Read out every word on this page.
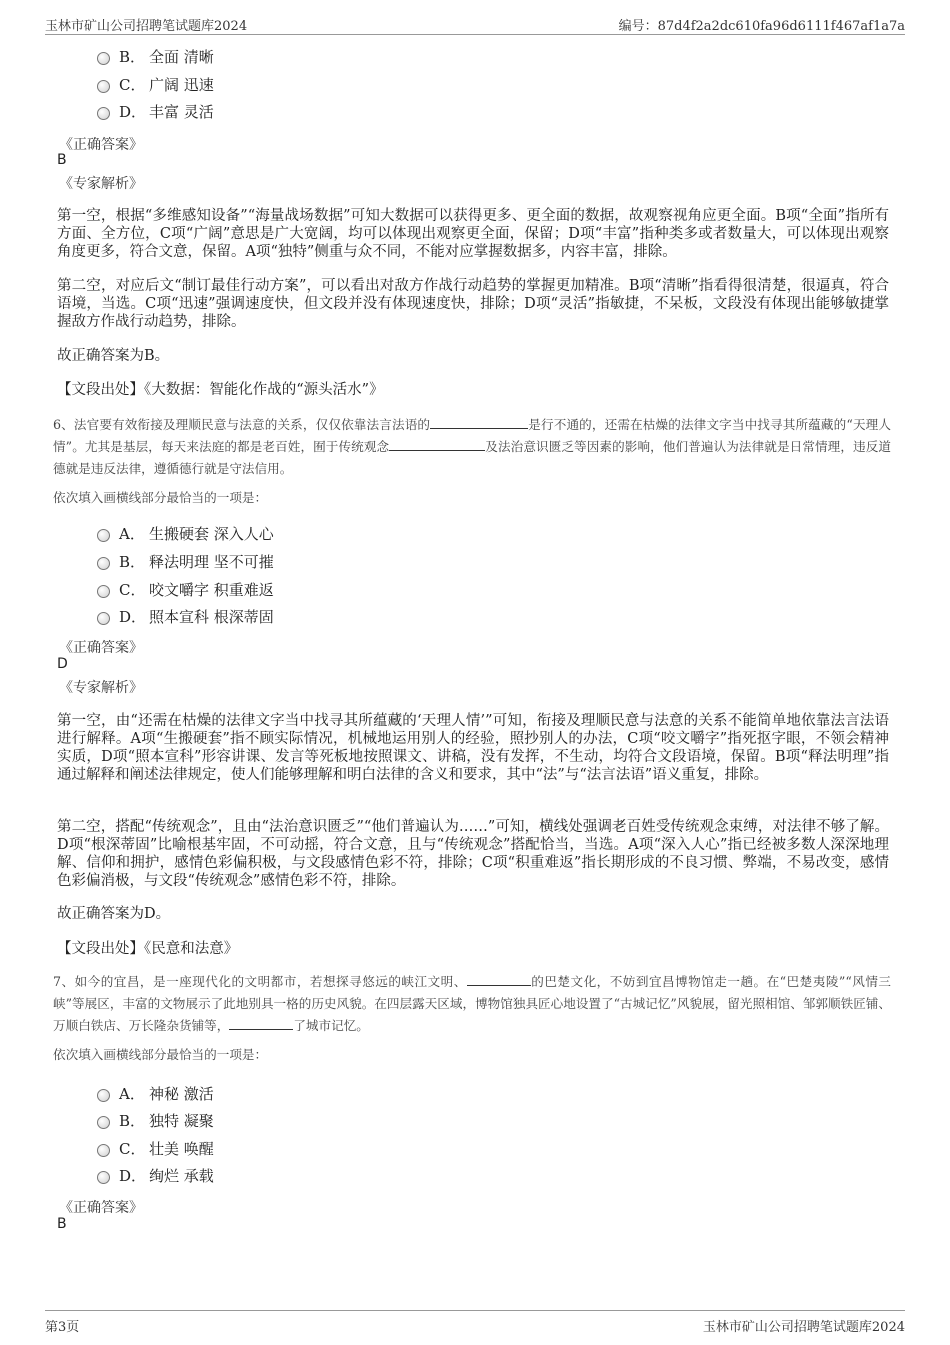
玉林市矿山公司招聘笔试题库2024	编号：87d4f2a2dc610fa96d6111f467af1a7a
B． 全面 清晰
C． 广阔 迅速
D． 丰富 灵活
《正确答案》
B
《专家解析》
第一空，根据“多维感知设备”“海量战场数据”可知大数据可以获得更多、更全面的数据，故观察视角应更全面。B项“全面”指所有方面、全方位，C项“广阔”意思是广大宽阔，均可以体现出观察更全面，保留；D项“丰富”指种类多或者数量大，可以体现出观察角度更多，符合文意，保留。A项“独特”侧重与众不同，不能对应掌握数据多，内容丰富，排除。
第二空，对应后文“制订最佳行动方案”，可以看出对敌方作战行动趋势的掌握更加精准。B项“清晰”指看得很清楚，很逼真，符合语境，当选。C项“迅速”强调速度快，但文段并没有体现速度快，排除；D项“灵活”指敏捷，不呆板，文段没有体现出能够敏捷掌握敌方作战行动趋势，排除。
故正确答案为B。
【文段出处】《大数据：智能化作战的“源头活水”》
6、法官要有效衔接及理顺民意与法意的关系，仅仅依靠法言法语的	是行不通的，还需在枯燥的法律文字当中找寻其所蕴藏的“天理人情”。尤其是基层，每天来法庭的都是老百姓，囿于传统观念	及法治意识匮乏等因素的影响，他们普遍认为法律就是日常情理，违反道德就是违反法律，遵循德行就是守法信用。
依次填入画横线部分最恰当的一项是：
A． 生搬硬套 深入人心
B． 释法明理 坚不可摧
C． 咬文嚼字 积重难返
D． 照本宣科 根深蒂固
《正确答案》
D
《专家解析》
第一空，由“还需在枯燥的法律文字当中找寻其所蕴藏的‘天理人情’”可知，衔接及理顺民意与法意的关系不能简单地依靠法言法语进行解释。A项“生搬硬套”指不顾实际情况，机械地运用别人的经验，照抄别人的办法，C项“咬文嚼字”指死抠字眼，不领会精神实质，D项“照本宣科”形容讲课、发言等死板地按照课文、讲稿，没有发挥，不生动，均符合文段语境，保留。B项“释法明理”指通过解释和阐述法律规定，使人们能够理解和明白法律的含义和要求，其中“法”与“法言法语”语义重复，排除。
第二空，搭配“传统观念”，且由“法治意识匮乏”“他们普遍认为……”可知，横线处强调老百姓受传统观念束缚，对法律不够了解。D项“根深蒂固”比喻根基牢固，不可动摇，符合文意，且与“传统观念”搭配恰当，当选。A项“深入人心”指已经被多数人深深地理解、信仰和拥护，感情色彩偏积极，与文段感情色彩不符，排除；C项“积重难返”指长期形成的不良习惯、弊端，不易改变，感情色彩偏消极，与文段“传统观念”感情色彩不符，排除。
故正确答案为D。
【文段出处】《民意和法意》
7、如今的宜昌，是一座现代化的文明都市，若想探寻悠远的峡江文明、	的巴楚文化，不妨到宜昌博物馆走一趟。在“巴楚夷陵”“风情三峡”等展区，丰富的文物展示了此地别具一格的历史风貌。在四层露天区域，博物馆独具匠心地设置了“古城记忆”风貌展，留光照相馆、邹郭顺铁匠铺、万顺白铁店、万长隆杂货铺等，	了城市记忆。
依次填入画横线部分最恰当的一项是：
A． 神秘 激活
B． 独特 凝聚
C． 壮美 唤醒
D． 绚烂 承载
《正确答案》
B
第3页	玉林市矿山公司招聘笔试题库2024
